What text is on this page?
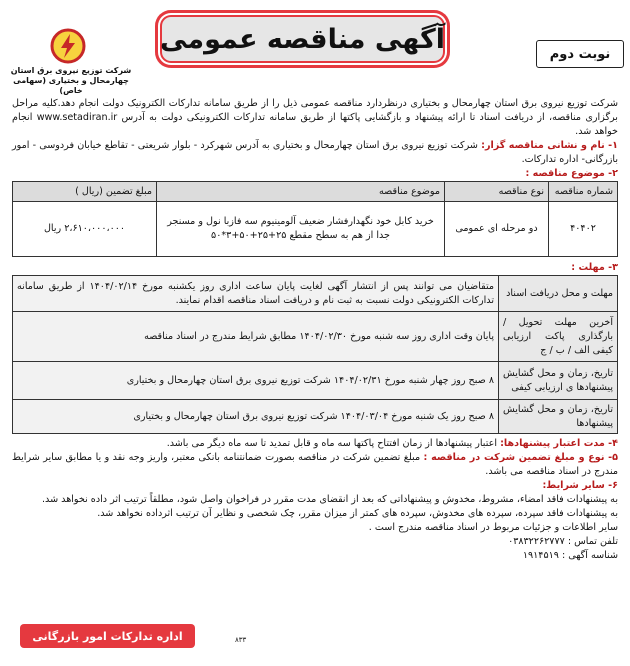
نوبت دوم
آگهی مناقصه عمومی
شرکت توزیع نیروی برق استان
چهارمحال و بختیاری (سهامی خاص)

شرکت توزیع نیروی برق استان چهارمحال و بختیاری درنظردارد مناقصه عمومی ذیل را از طریق سامانه تدارکات الکترونیک دولت انجام دهد.کلیه مراحل برگزاری مناقصه، از دریافت اسناد تا ارائه پیشنهاد و بازگشایی پاکتها از طریق سامانه تدارکات الکترونیکی دولت به آدرس www.setadiran.ir انجام خواهد شد.

۱- نام و نشانی مناقصه گزار: شرکت توزیع نیروی برق استان چهارمحال و بختیاری به آدرس شهرکرد - بلوار شریعتی - تقاطع خیابان فردوسی - امور بازرگانی- اداره تدارکات.

۲- موضوع مناقصه :

شماره مناقصه	نوع مناقصه	موضوع مناقصه	مبلغ تضمین (ریال )
۴۰۴۰۲	دو مرحله ای عمومی	خرید کابل خود نگهدارفشار ضعیف آلومینیوم سه فازبا نول و مسنجر جدا از هم به سطح مقطع ۲۵+۲۵+۵۰+۳*۵۰	۲،۶۱۰،۰۰۰،۰۰۰ ریال

۳- مهلت :

مهلت و محل دریافت اسناد	متقاضیان می توانند پس از انتشار آگهی لغایت پایان ساعت اداری روز یکشنبه مورخ ۱۴۰۴/۰۲/۱۴ از طریق سامانه تدارکات الکترونیکی دولت نسبت به ثبت نام و دریافت اسناد مناقصه اقدام نمایند.
آخرین مهلت تحویل / بارگذاری پاکت ارزیابی کیفی الف / ب / ج	پایان وقت اداری روز سه شنبه مورخ ۱۴۰۴/۰۲/۳۰ مطابق شرایط مندرج در اسناد مناقصه
تاریخ، زمان و محل گشایش پیشنهادها ی ارزیابی کیفی	۸ صبح روز چهار شنبه مورخ ۱۴۰۴/۰۲/۳۱ شرکت توزیع نیروی برق استان چهارمحال و بختیاری
تاریخ، زمان و محل گشایش پیشنهادها	۸ صبح روز یک شنبه مورخ ۱۴۰۴/۰۳/۰۴ شرکت توزیع نیروی برق استان چهارمحال و بختیاری

۴- مدت اعتبار پیشنهادها: اعتبار پیشنهادها از زمان افتتاح پاکتها سه ماه و قابل تمدید تا سه ماه دیگر می باشد.

۵- نوع و مبلغ تضمین شرکت در مناقصه : مبلغ تضمین شرکت در مناقصه بصورت ضمانتنامه بانکی معتبر، واریز وجه نقد و یا مطابق سایر شرایط مندرج در اسناد مناقصه می باشد.

۶- سایر شرایط:

به پیشنهادات فاقد امضاء، مشروط، مخدوش و پیشنهاداتی که بعد از انقضای مدت مقرر در فراخوان واصل شود، مطلقاً ترتیب اثر داده نخواهد شد.

به پیشنهادات فاقد سپرده، سپرده های مخدوش، سپرده های کمتر از میزان مقرر، چک شخصی و نظایر آن ترتیب اثرداده نخواهد شد.

سایر اطلاعات و جزئیات مربوط در اسناد مناقصه مندرج است .

تلفن تماس : ۰۳۸۳۲۲۶۲۷۷۷

شناسه آگهی : ۱۹۱۴۵۱۹

اداره تدارکات امور بازرگانی	۸۳۳
